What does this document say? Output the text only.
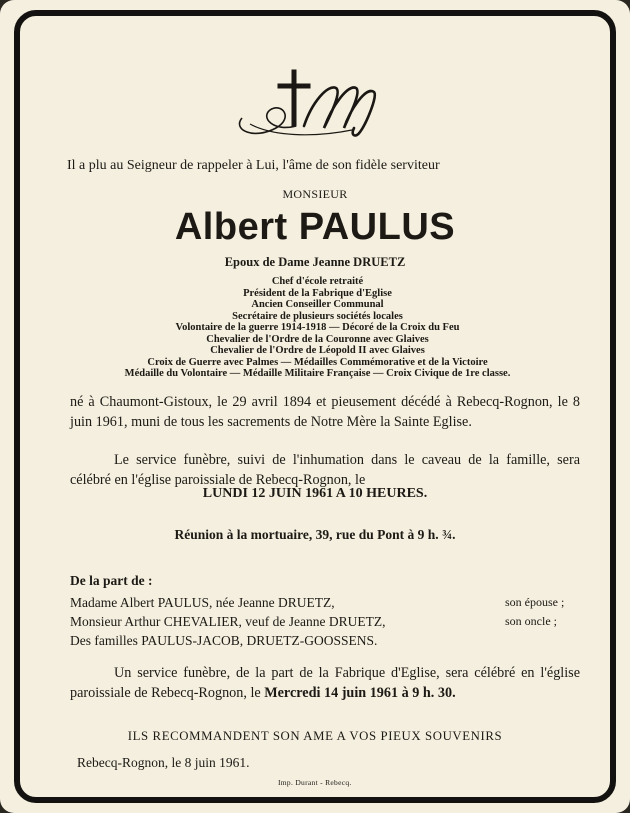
Il a plu au Seigneur de rappeler à Lui, l'âme de son fidèle serviteur
MONSIEUR
Albert PAULUS
Epoux de Dame Jeanne DRUETZ
Chef d'école retraité
Président de la Fabrique d'Eglise
Ancien Conseiller Communal
Secrétaire de plusieurs sociétés locales
Volontaire de la guerre 1914-1918 — Décoré de la Croix du Feu
Chevalier de l'Ordre de la Couronne avec Glaives
Chevalier de l'Ordre de Léopold II avec Glaives
Croix de Guerre avec Palmes — Médailles Commémorative et de la Victoire
Médaille du Volontaire — Médaille Militaire Française — Croix Civique de 1re classe.
né à Chaumont-Gistoux, le 29 avril 1894 et pieusement décédé à Rebecq-Rognon, le 8 juin 1961, muni de tous les sacrements de Notre Mère la Sainte Eglise.
Le service funèbre, suivi de l'inhumation dans le caveau de la famille, sera célébré en l'église paroissiale de Rebecq-Rognon, le
LUNDI 12 JUIN 1961 A 10 HEURES.
Réunion à la mortuaire, 39, rue du Pont à 9 h. ¾.
De la part de :
Madame Albert PAULUS, née Jeanne DRUETZ,	son épouse ;
Monsieur Arthur CHEVALIER, veuf de Jeanne DRUETZ,	son oncle ;
Des familles PAULUS-JACOB, DRUETZ-GOOSSENS.
Un service funèbre, de la part de la Fabrique d'Eglise, sera célébré en l'église paroissiale de Rebecq-Rognon, le Mercredi 14 juin 1961 à 9 h. 30.
ILS RECOMMANDENT SON AME A VOS PIEUX SOUVENIRS
Rebecq-Rognon, le 8 juin 1961.
Imp. Durant - Rebecq.
